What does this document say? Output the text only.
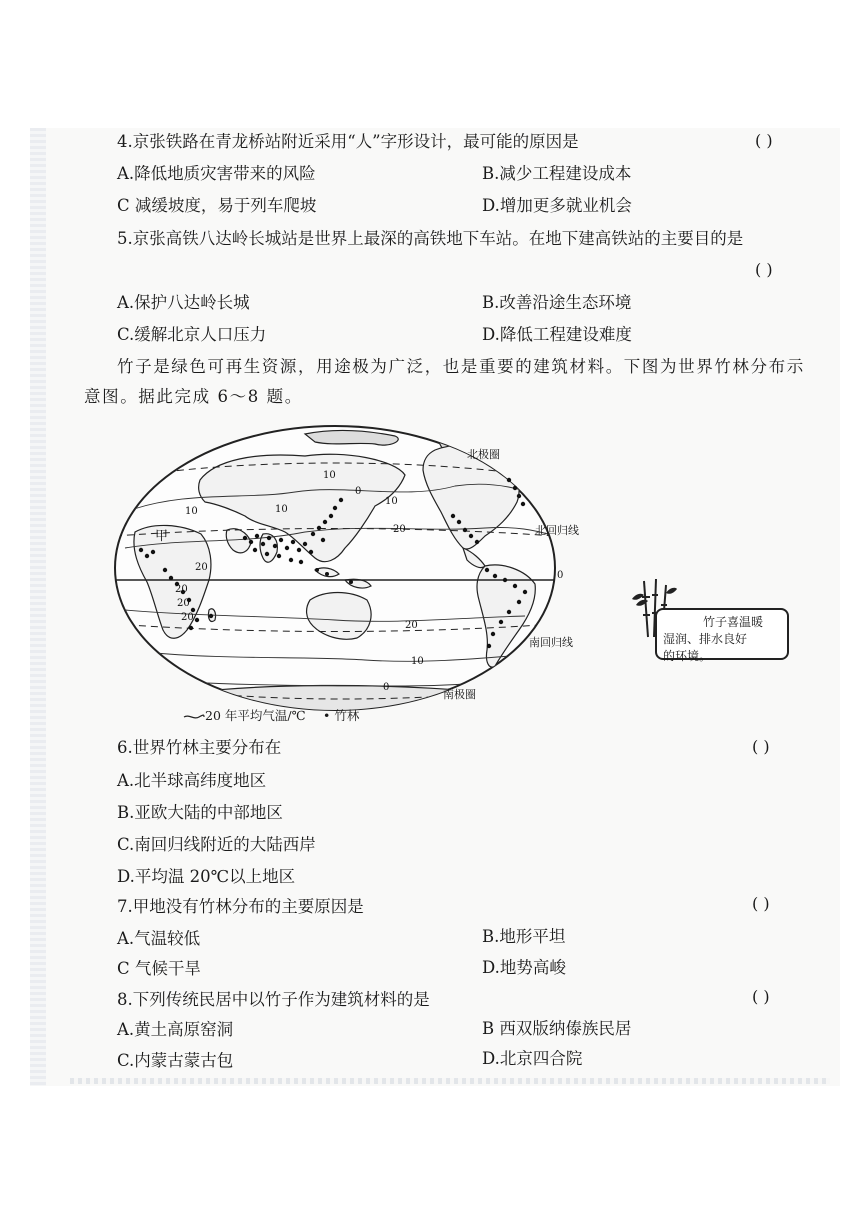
4.京张铁路在青龙桥站附近采用“人”字形设计，最可能的原因是	( )
A.降低地质灾害带来的风险	B.减少工程建设成本
C 减缓坡度，易于列车爬坡	D.增加更多就业机会
5.京张高铁八达岭长城站是世界上最深的高铁地下车站。在地下建高铁站的主要目的是
( )
A.保护八达岭长城	B.改善沿途生态环境
C.缓解北京人口压力	D.降低工程建设难度
竹子是绿色可再生资源，用途极为广泛，也是重要的建筑材料。下图为世界竹林分布示
意图。据此完成 6～8 题。
北极圈
北回归线
南回归线
南极圈
甲
0
10
10
10
10
10
20
20
20
20
20
20
0
0
20 年平均气温/℃ • 竹林
竹子喜温暖
湿润、排水良好
的环境。
6.世界竹林主要分布在	( )
A.北半球高纬度地区
B.亚欧大陆的中部地区
C.南回归线附近的大陆西岸
D.平均温 20℃以上地区
7.甲地没有竹林分布的主要原因是	( )
A.气温较低	B.地形平坦
C 气候干旱	D.地势高峻
8.下列传统民居中以竹子作为建筑材料的是	( )
A.黄土高原窑洞	B 西双版纳傣族民居
C.内蒙古蒙古包	D.北京四合院
